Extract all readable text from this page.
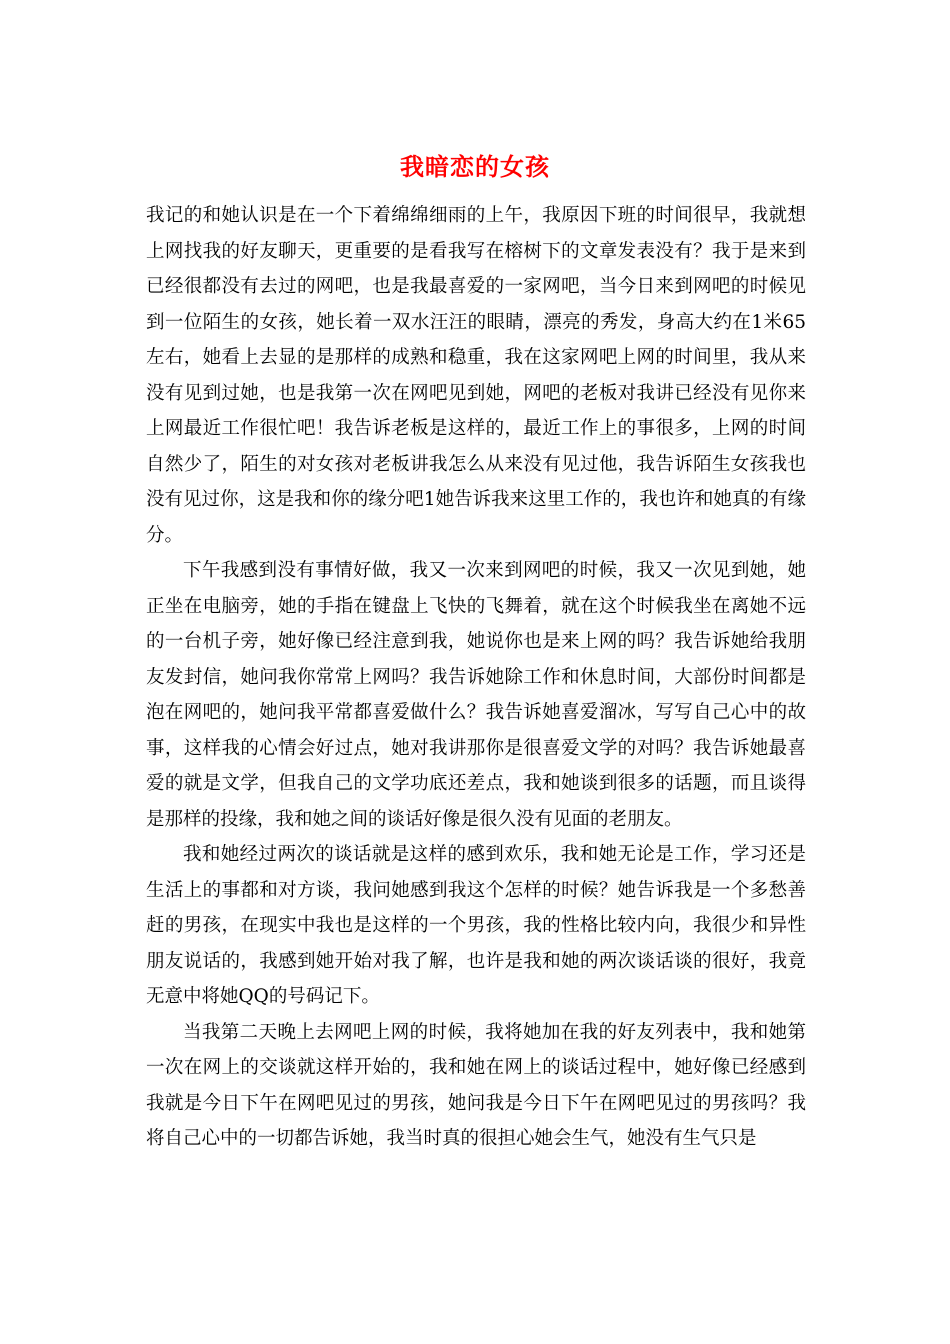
我暗恋的女孩

我记的和她认识是在一个下着绵绵细雨的上午，我原因下班的时间很早，我就想上网找我的好友聊天，更重要的是看我写在榕树下的文章发表没有？我于是来到已经很都没有去过的网吧，也是我最喜爱的一家网吧，当今日来到网吧的时候见到一位陌生的女孩，她长着一双水汪汪的眼睛，漂亮的秀发，身高大约在1米65左右，她看上去显的是那样的成熟和稳重，我在这家网吧上网的时间里，我从来没有见到过她，也是我第一次在网吧见到她，网吧的老板对我讲已经没有见你来上网最近工作很忙吧！我告诉老板是这样的，最近工作上的事很多，上网的时间自然少了，陌生的对女孩对老板讲我怎么从来没有见过他，我告诉陌生女孩我也没有见过你，这是我和你的缘分吧1她告诉我来这里工作的，我也许和她真的有缘分。

下午我感到没有事情好做，我又一次来到网吧的时候，我又一次见到她，她正坐在电脑旁，她的手指在键盘上飞快的飞舞着，就在这个时候我坐在离她不远的一台机子旁，她好像已经注意到我，她说你也是来上网的吗？我告诉她给我朋友发封信，她问我你常常上网吗？我告诉她除工作和休息时间，大部份时间都是泡在网吧的，她问我平常都喜爱做什么？我告诉她喜爱溜冰，写写自己心中的故事，这样我的心情会好过点，她对我讲那你是很喜爱文学的对吗？我告诉她最喜爱的就是文学，但我自己的文学功底还差点，我和她谈到很多的话题，而且谈得是那样的投缘，我和她之间的谈话好像是很久没有见面的老朋友。

我和她经过两次的谈话就是这样的感到欢乐，我和她无论是工作，学习还是生活上的事都和对方谈，我问她感到我这个怎样的时候？她告诉我是一个多愁善赶的男孩，在现实中我也是这样的一个男孩，我的性格比较内向，我很少和异性朋友说话的，我感到她开始对我了解，也许是我和她的两次谈话谈的很好，我竟无意中将她QQ的号码记下。

当我第二天晚上去网吧上网的时候，我将她加在我的好友列表中，我和她第一次在网上的交谈就这样开始的，我和她在网上的谈话过程中，她好像已经感到我就是今日下午在网吧见过的男孩，她问我是今日下午在网吧见过的男孩吗？我将自己心中的一切都告诉她，我当时真的很担心她会生气，她没有生气只是
